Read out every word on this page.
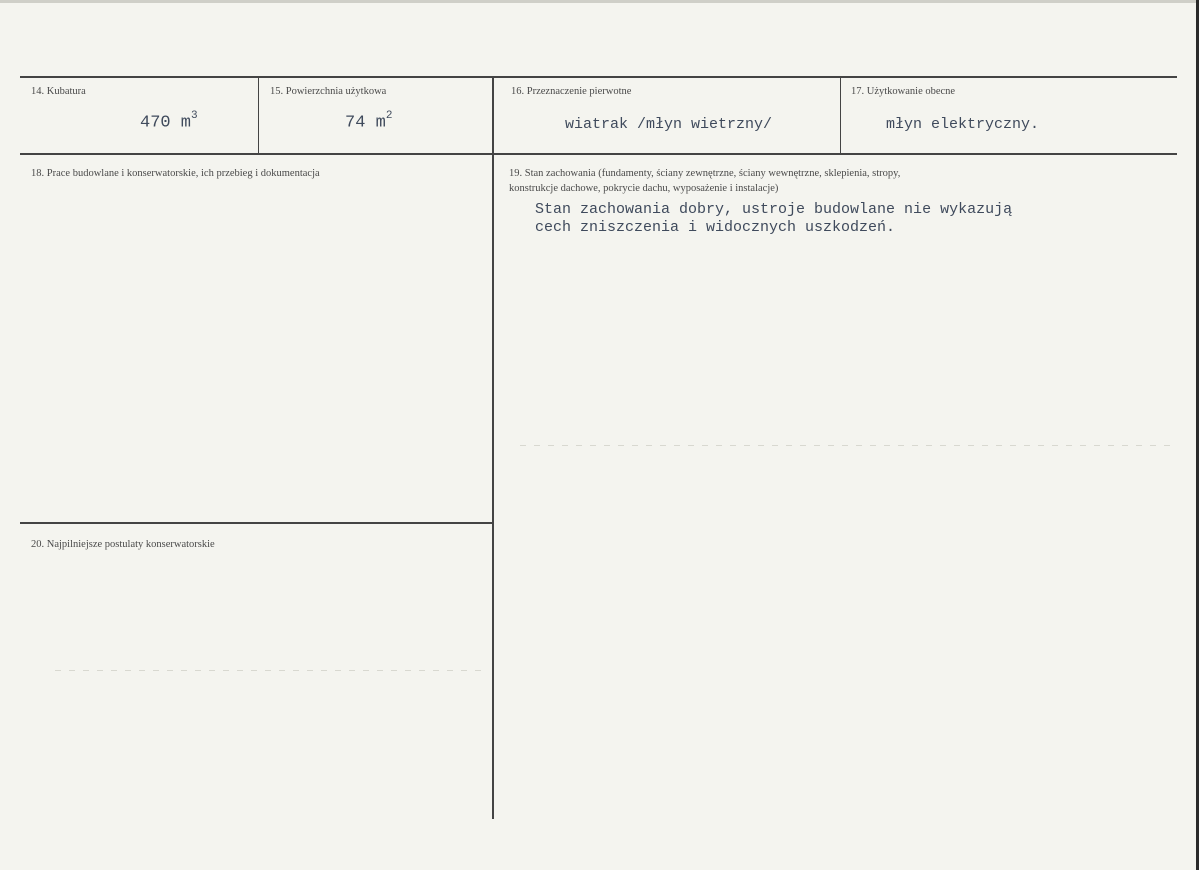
14. Kubatura
470 $m^3$
15. Powierzchnia użytkowa
74 $m^2$
16. Przeznaczenie pierwotne
wiatrak /młyn wietrzny/
17. Użytkowanie obecne
młyn elektryczny.
18. Prace budowlane i konserwatorskie, ich przebieg i dokumentacja	19. Stan zachowania (fundamenty, ściany zewnętrzne, ściany wewnętrzne, sklepienia, stropy,
konstrukcje dachowe, pokrycie dachu, wyposażenie i instalacje)
Stan zachowania dobry, ustroje budowlane nie wykazują
cech zniszczenia i widocznych uszkodzeń.
20. Najpilniejsze postulaty konserwatorskie
